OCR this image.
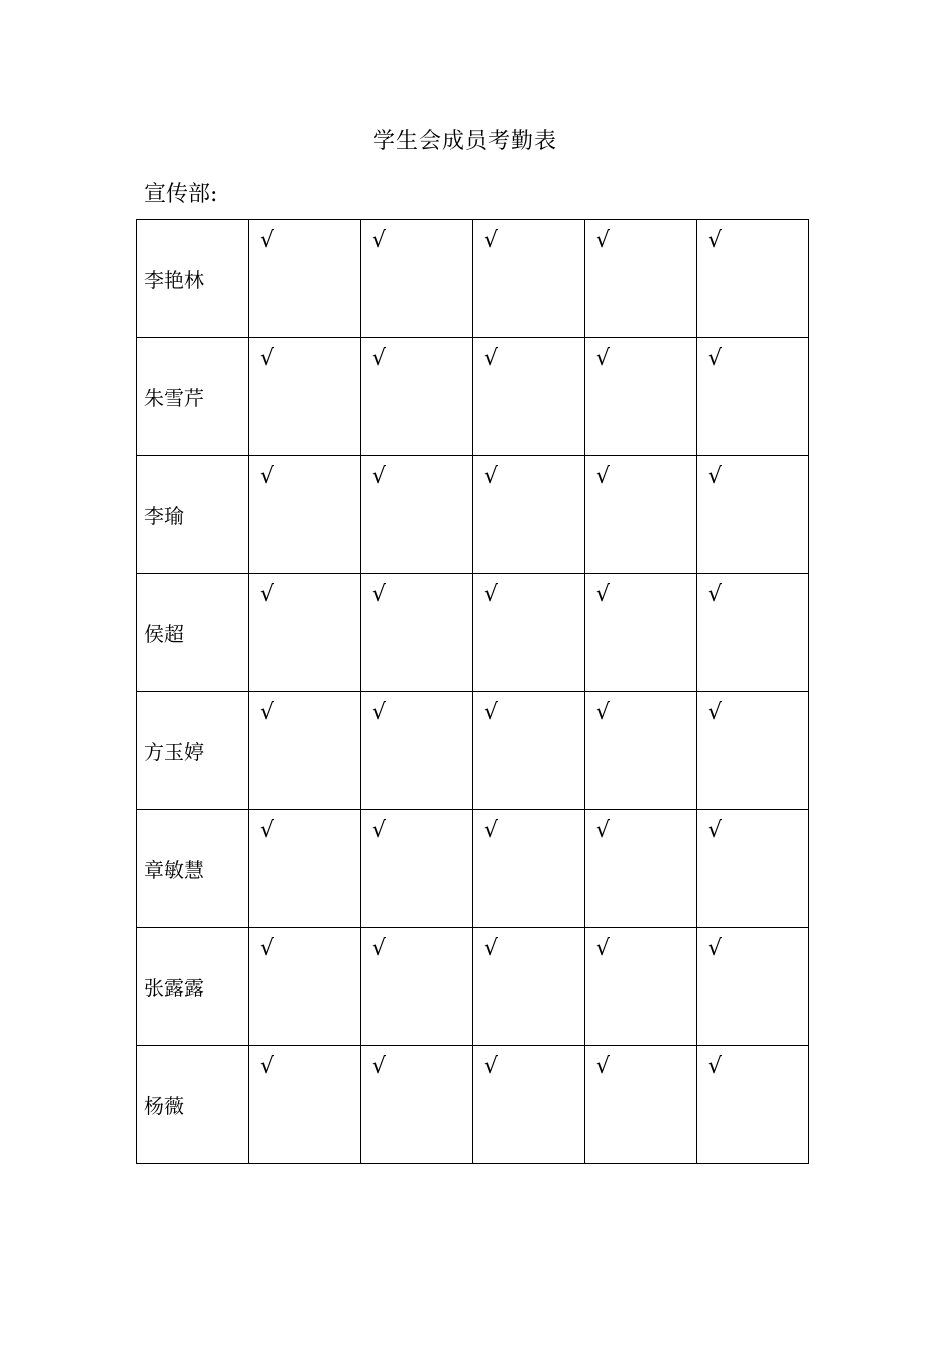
学生会成员考勤表
宣传部:
李艳林	√	√	√	√	√

朱雪芹	√	√	√	√	√

李瑜	√	√	√	√	√

侯超	√	√	√	√	√

方玉婷	√	√	√	√	√

章敏慧	√	√	√	√	√

张露露	√	√	√	√	√

杨薇	√	√	√	√	√
